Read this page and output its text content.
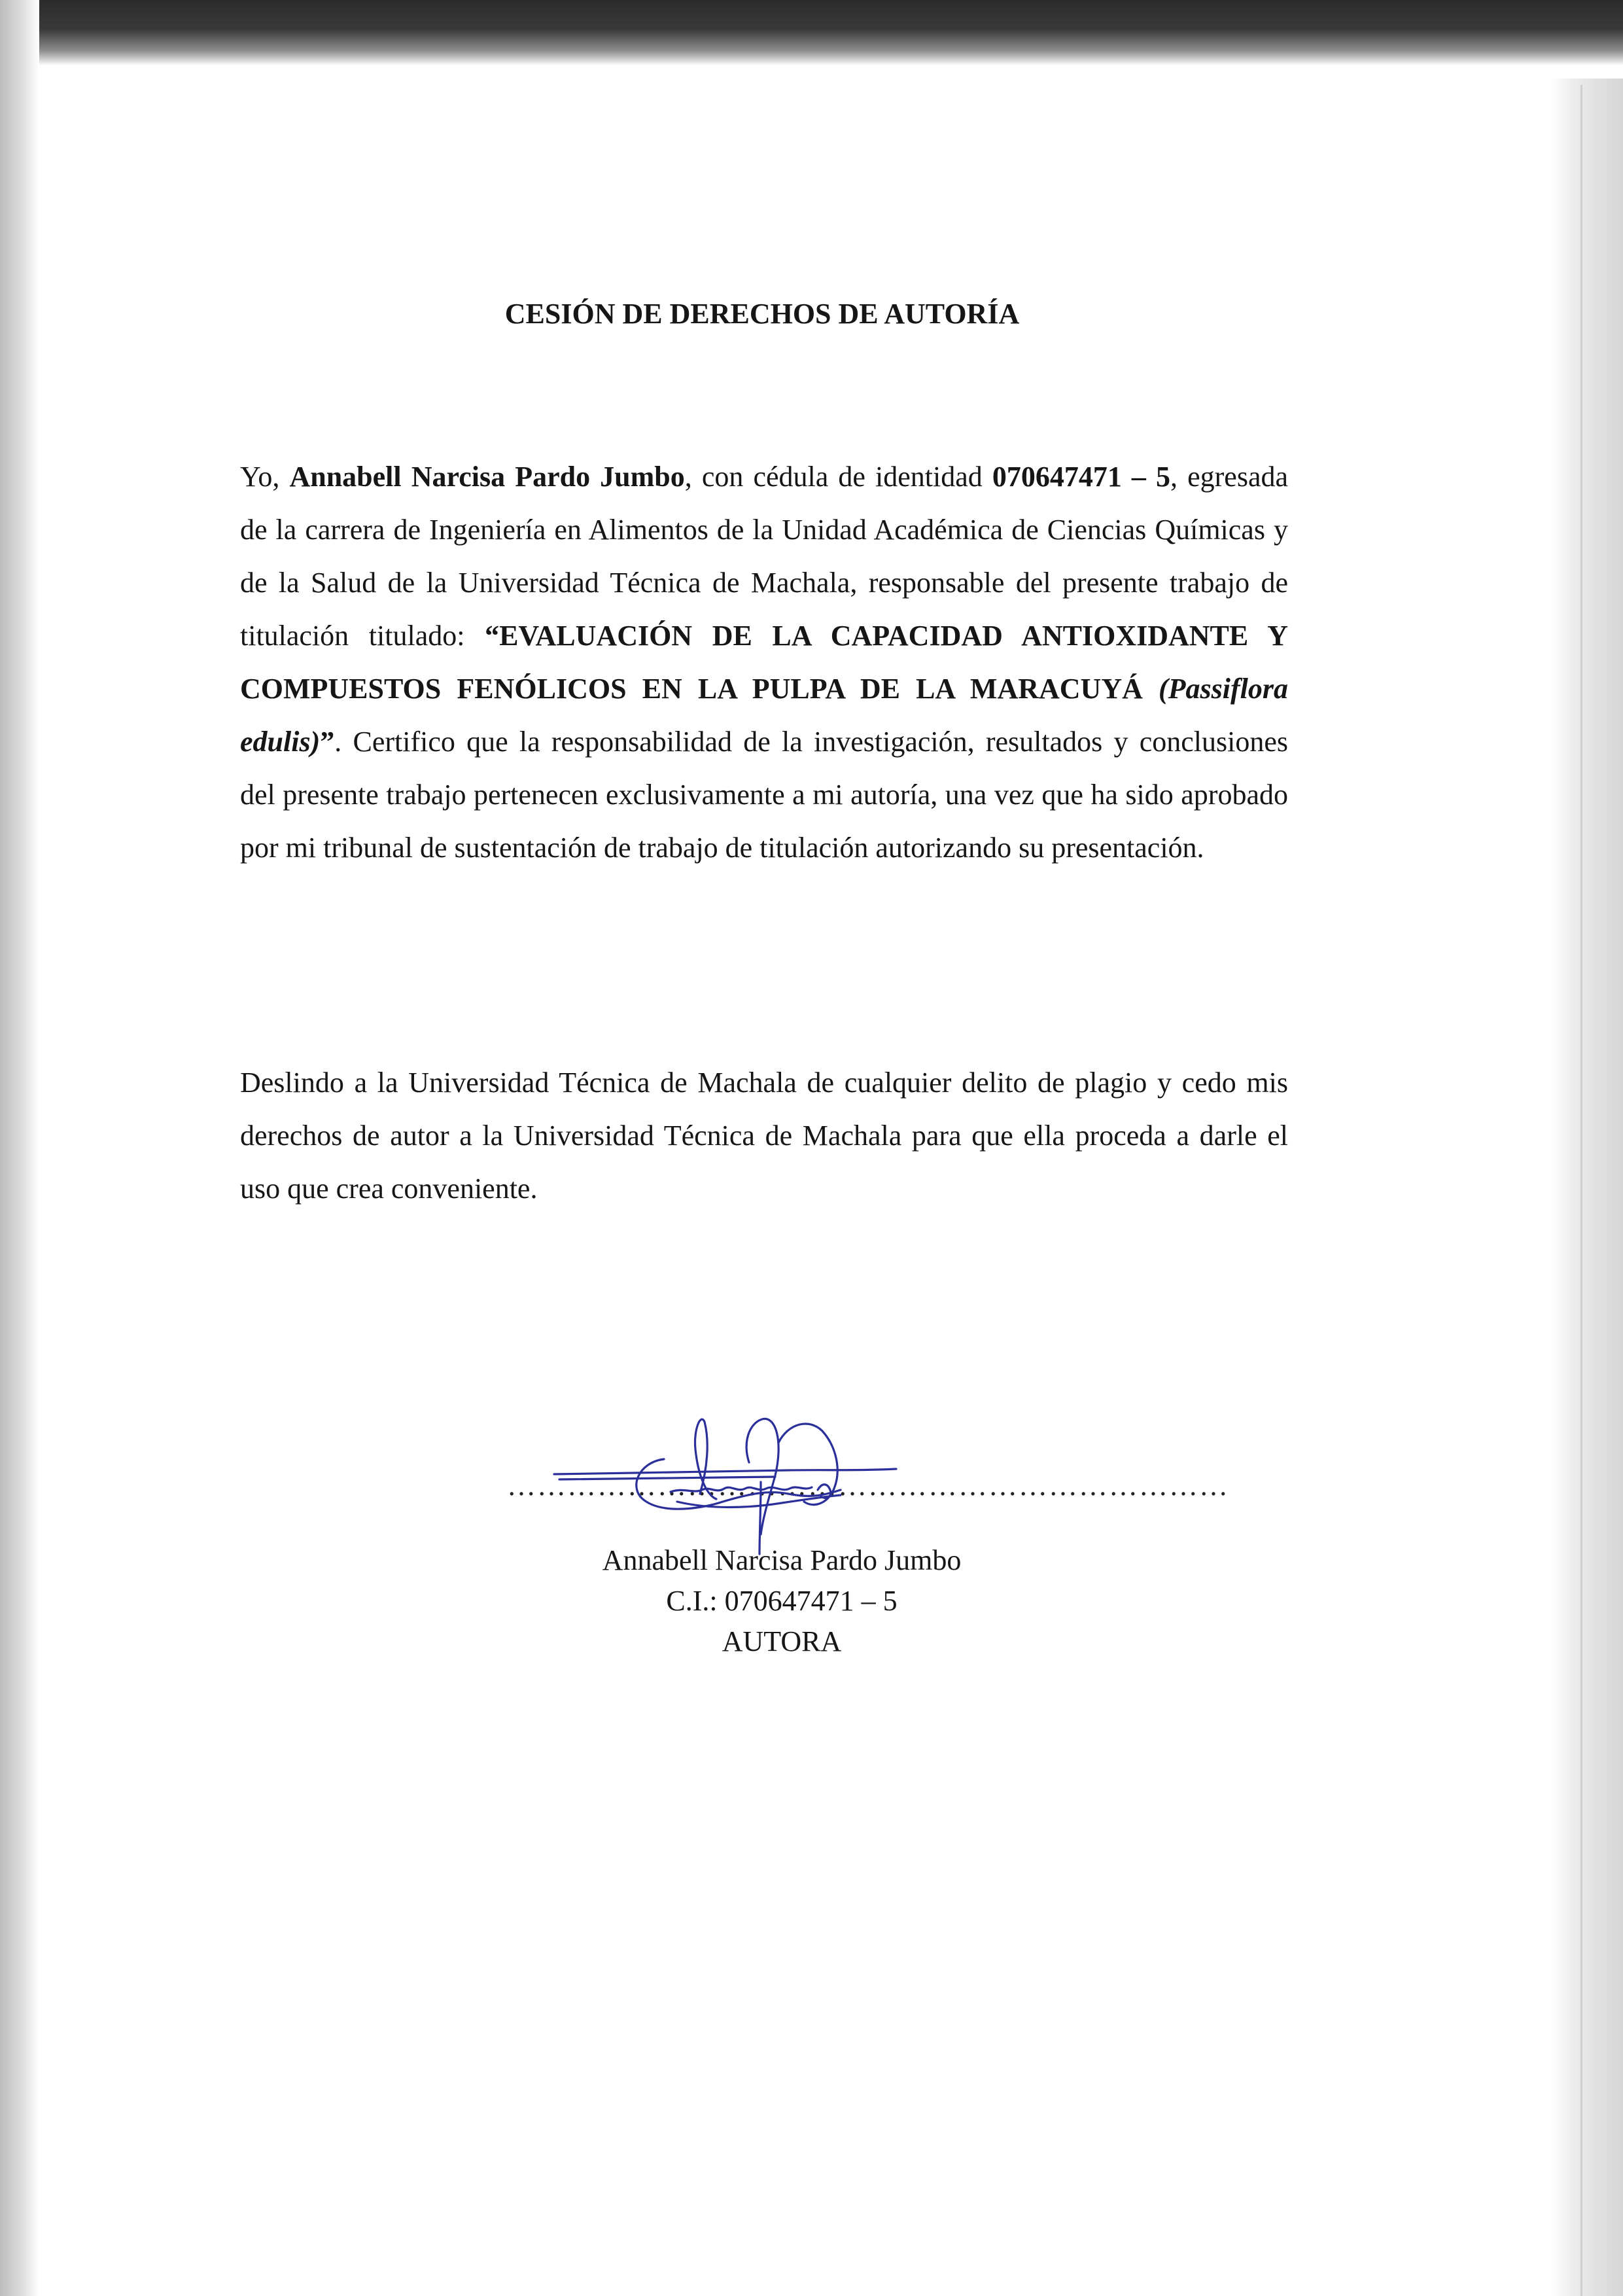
CESIÓN DE DERECHOS DE AUTORÍA

Yo, Annabell Narcisa Pardo Jumbo, con cédula de identidad 070647471 – 5, egresada de la carrera de Ingeniería en Alimentos de la Unidad Académica de Ciencias Químicas y de la Salud de la Universidad Técnica de Machala, responsable del presente trabajo de titulación titulado: “EVALUACIÓN DE LA CAPACIDAD ANTIOXIDANTE Y COMPUESTOS FENÓLICOS EN LA PULPA DE LA MARACUYÁ (Passiflora edulis)”. Certifico que la responsabilidad de la investigación, resultados y conclusiones del presente trabajo pertenecen exclusivamente a mi autoría, una vez que ha sido aprobado por mi tribunal de sustentación de trabajo de titulación autorizando su presentación.

Deslindo a la Universidad Técnica de Machala de cualquier delito de plagio y cedo mis derechos de autor a la Universidad Técnica de Machala para que ella proceda a darle el uso que crea conveniente.

………………………………………………………………

Annabell Narcisa Pardo Jumbo

C.I.: 070647471 – 5

AUTORA
